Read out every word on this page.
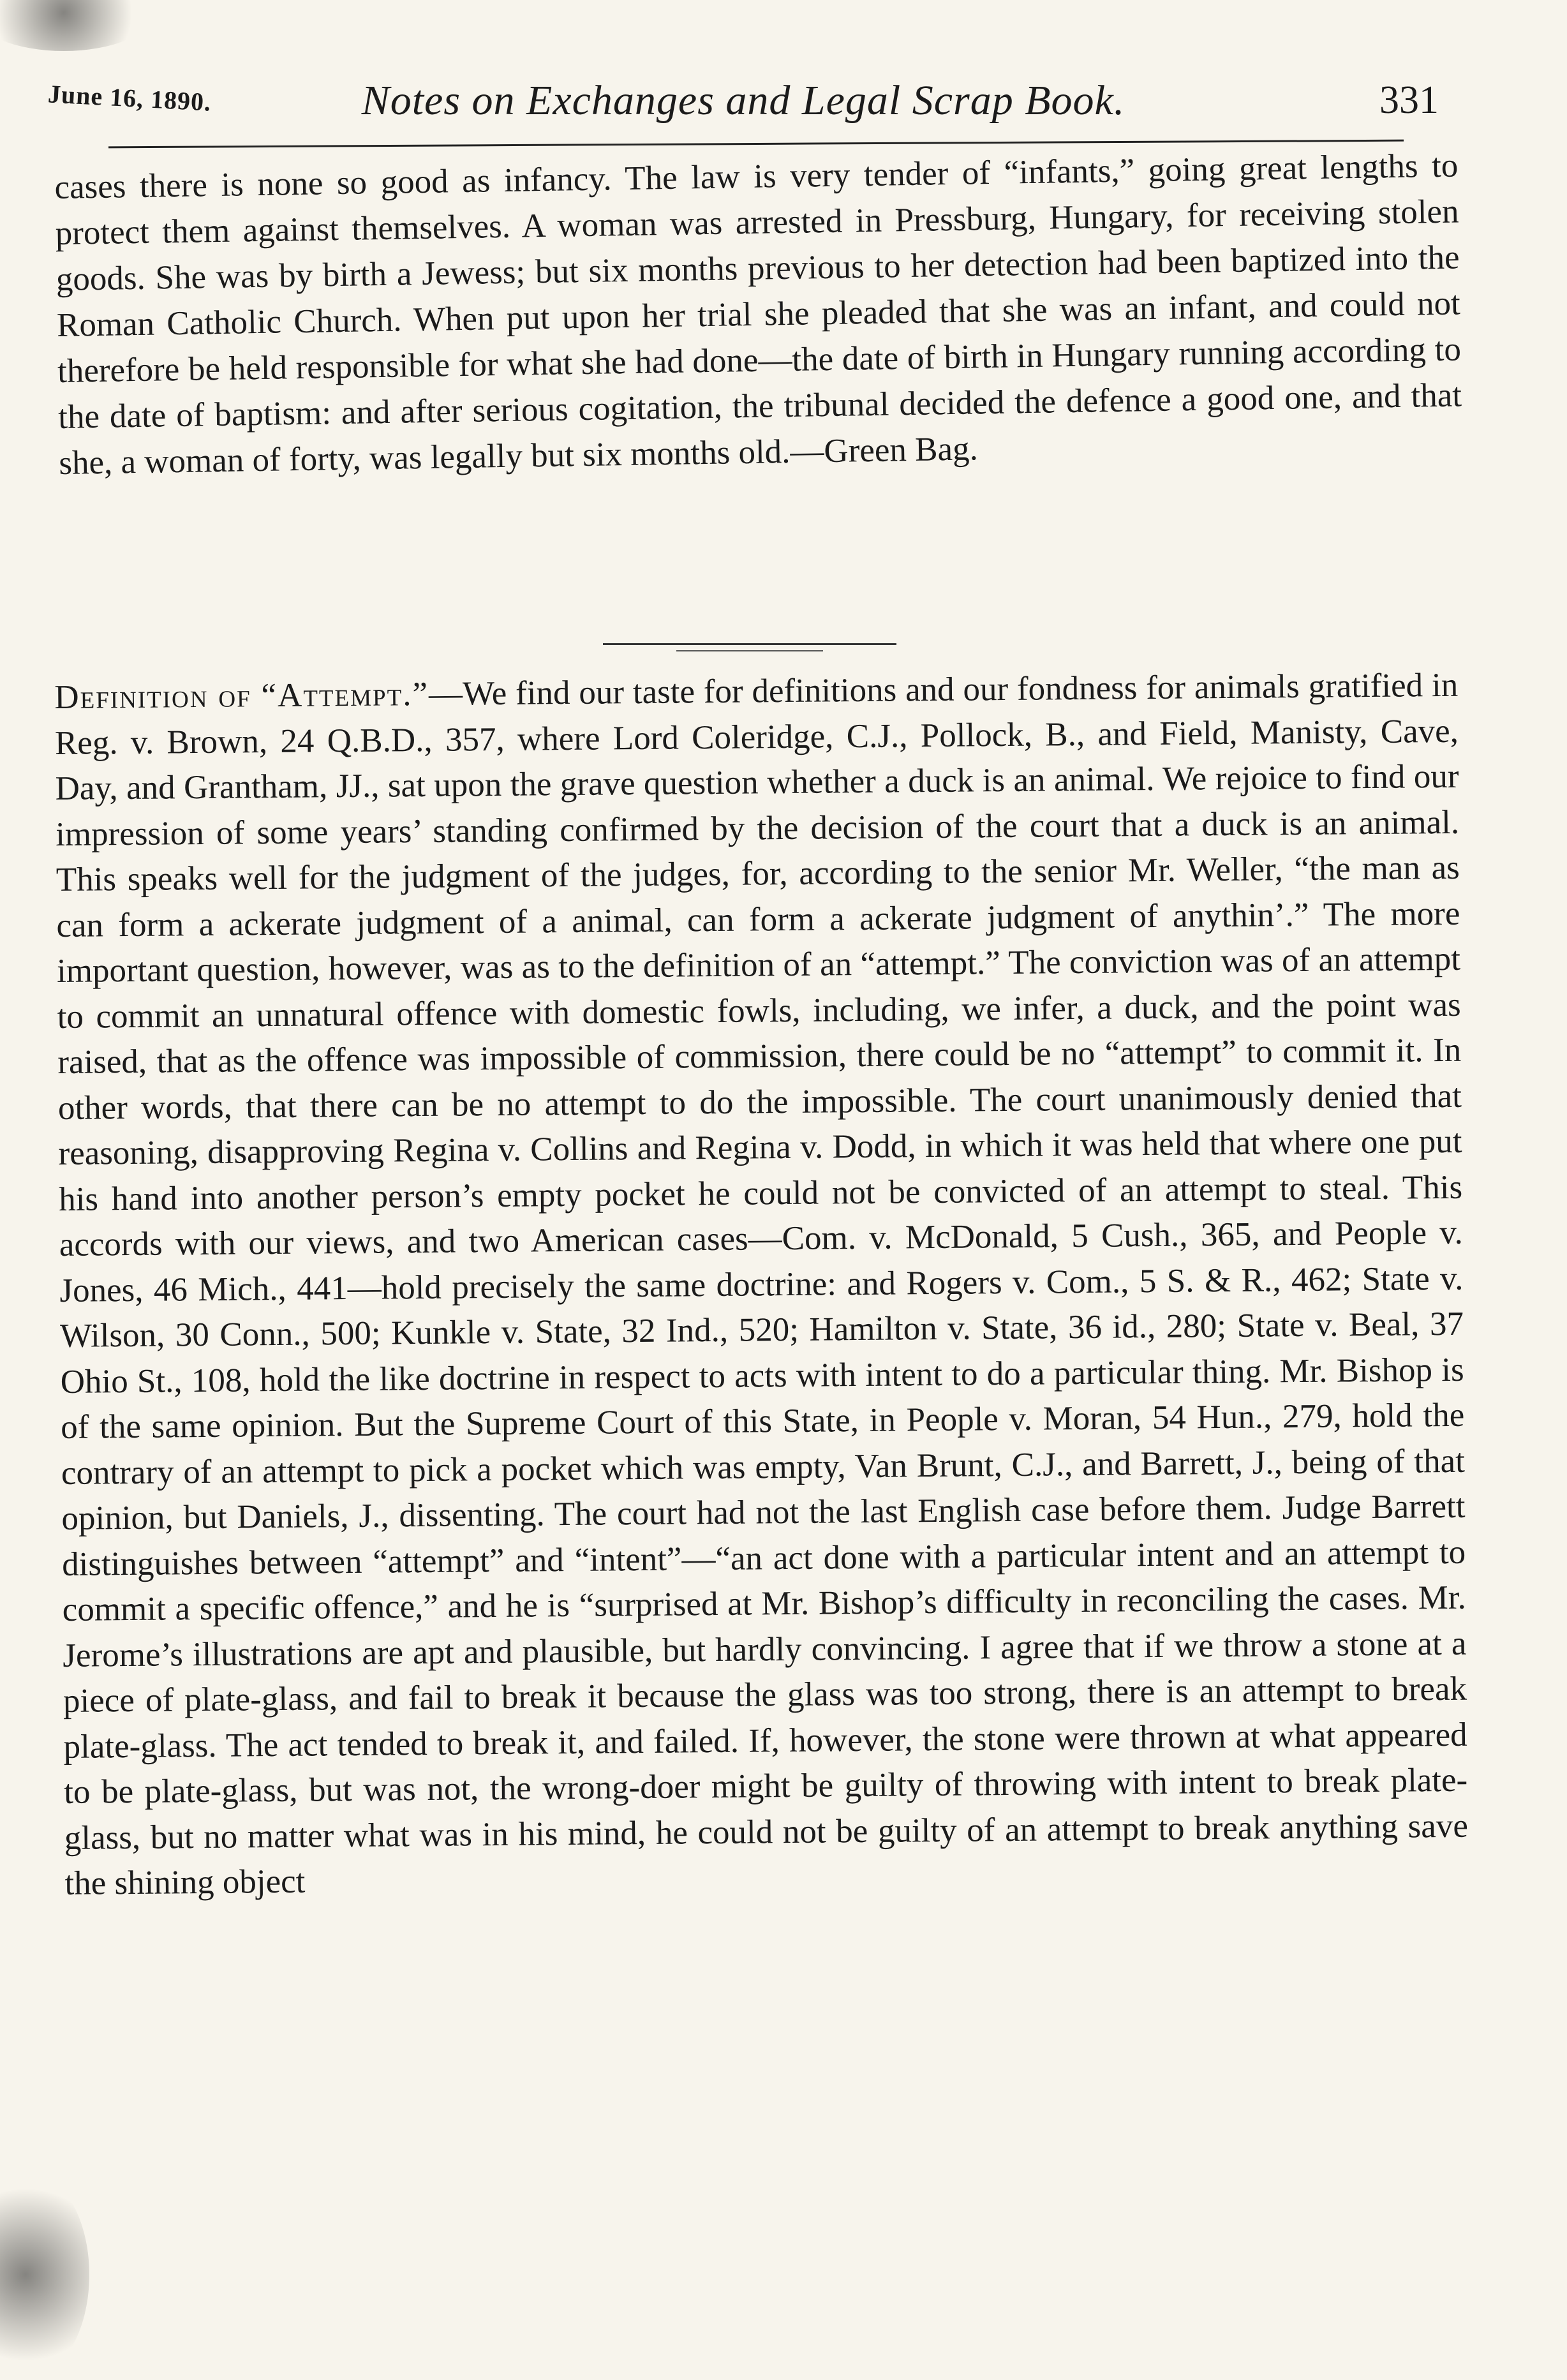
June 16, 1890.	Notes on Exchanges and Legal Scrap Book.	331
cases there is none so good as infancy. The law is very tender of “infants,” going great lengths to protect them against themselves. A woman was arrested in Pressburg, Hungary, for receiving stolen goods. She was by birth a Jewess; but six months previous to her detection had been baptized into the Roman Catholic Church. When put upon her trial she pleaded that she was an infant, and could not therefore be held responsible for what she had done—the date of birth in Hungary running according to the date of baptism: and after serious cogitation, the tribunal decided the defence a good one, and that she, a woman of forty, was legally but six months old.—Green Bag.
Definition of “Attempt.”—We find our taste for definitions and our fondness for animals gratified in Reg. v. Brown, 24 Q.B.D., 357, where Lord Coleridge, C.J., Pollock, B., and Field, Manisty, Cave, Day, and Grantham, JJ., sat upon the grave question whether a duck is an animal. We rejoice to find our impression of some years’ standing confirmed by the decision of the court that a duck is an animal. This speaks well for the judgment of the judges, for, according to the senior Mr. Weller, “the man as can form a ackerate judgment of a animal, can form a ackerate judgment of anythin’.” The more important question, however, was as to the definition of an “attempt.” The conviction was of an attempt to commit an unnatural offence with domestic fowls, including, we infer, a duck, and the point was raised, that as the offence was impossible of commission, there could be no “attempt” to commit it. In other words, that there can be no attempt to do the impossible. The court unanimously denied that reasoning, disapproving Regina v. Collins and Regina v. Dodd, in which it was held that where one put his hand into another person’s empty pocket he could not be convicted of an attempt to steal. This accords with our views, and two American cases—Com. v. McDonald, 5 Cush., 365, and People v. Jones, 46 Mich., 441—hold precisely the same doctrine: and Rogers v. Com., 5 S. & R., 462; State v. Wilson, 30 Conn., 500; Kunkle v. State, 32 Ind., 520; Hamilton v. State, 36 id., 280; State v. Beal, 37 Ohio St., 108, hold the like doctrine in respect to acts with intent to do a particular thing. Mr. Bishop is of the same opinion. But the Supreme Court of this State, in People v. Moran, 54 Hun., 279, hold the contrary of an attempt to pick a pocket which was empty, Van Brunt, C.J., and Barrett, J., being of that opinion, but Daniels, J., dissenting. The court had not the last English case before them. Judge Barrett distinguishes between “attempt” and “intent”—“an act done with a particular intent and an attempt to commit a specific offence,” and he is “surprised at Mr. Bishop’s difficulty in reconciling the cases. Mr. Jerome’s illustrations are apt and plausible, but hardly convincing. I agree that if we throw a stone at a piece of plate-glass, and fail to break it because the glass was too strong, there is an attempt to break plate-glass. The act tended to break it, and failed. If, however, the stone were thrown at what appeared to be plate-glass, but was not, the wrong-doer might be guilty of throwing with intent to break plate-glass, but no matter what was in his mind, he could not be guilty of an attempt to break anything save the shining object
